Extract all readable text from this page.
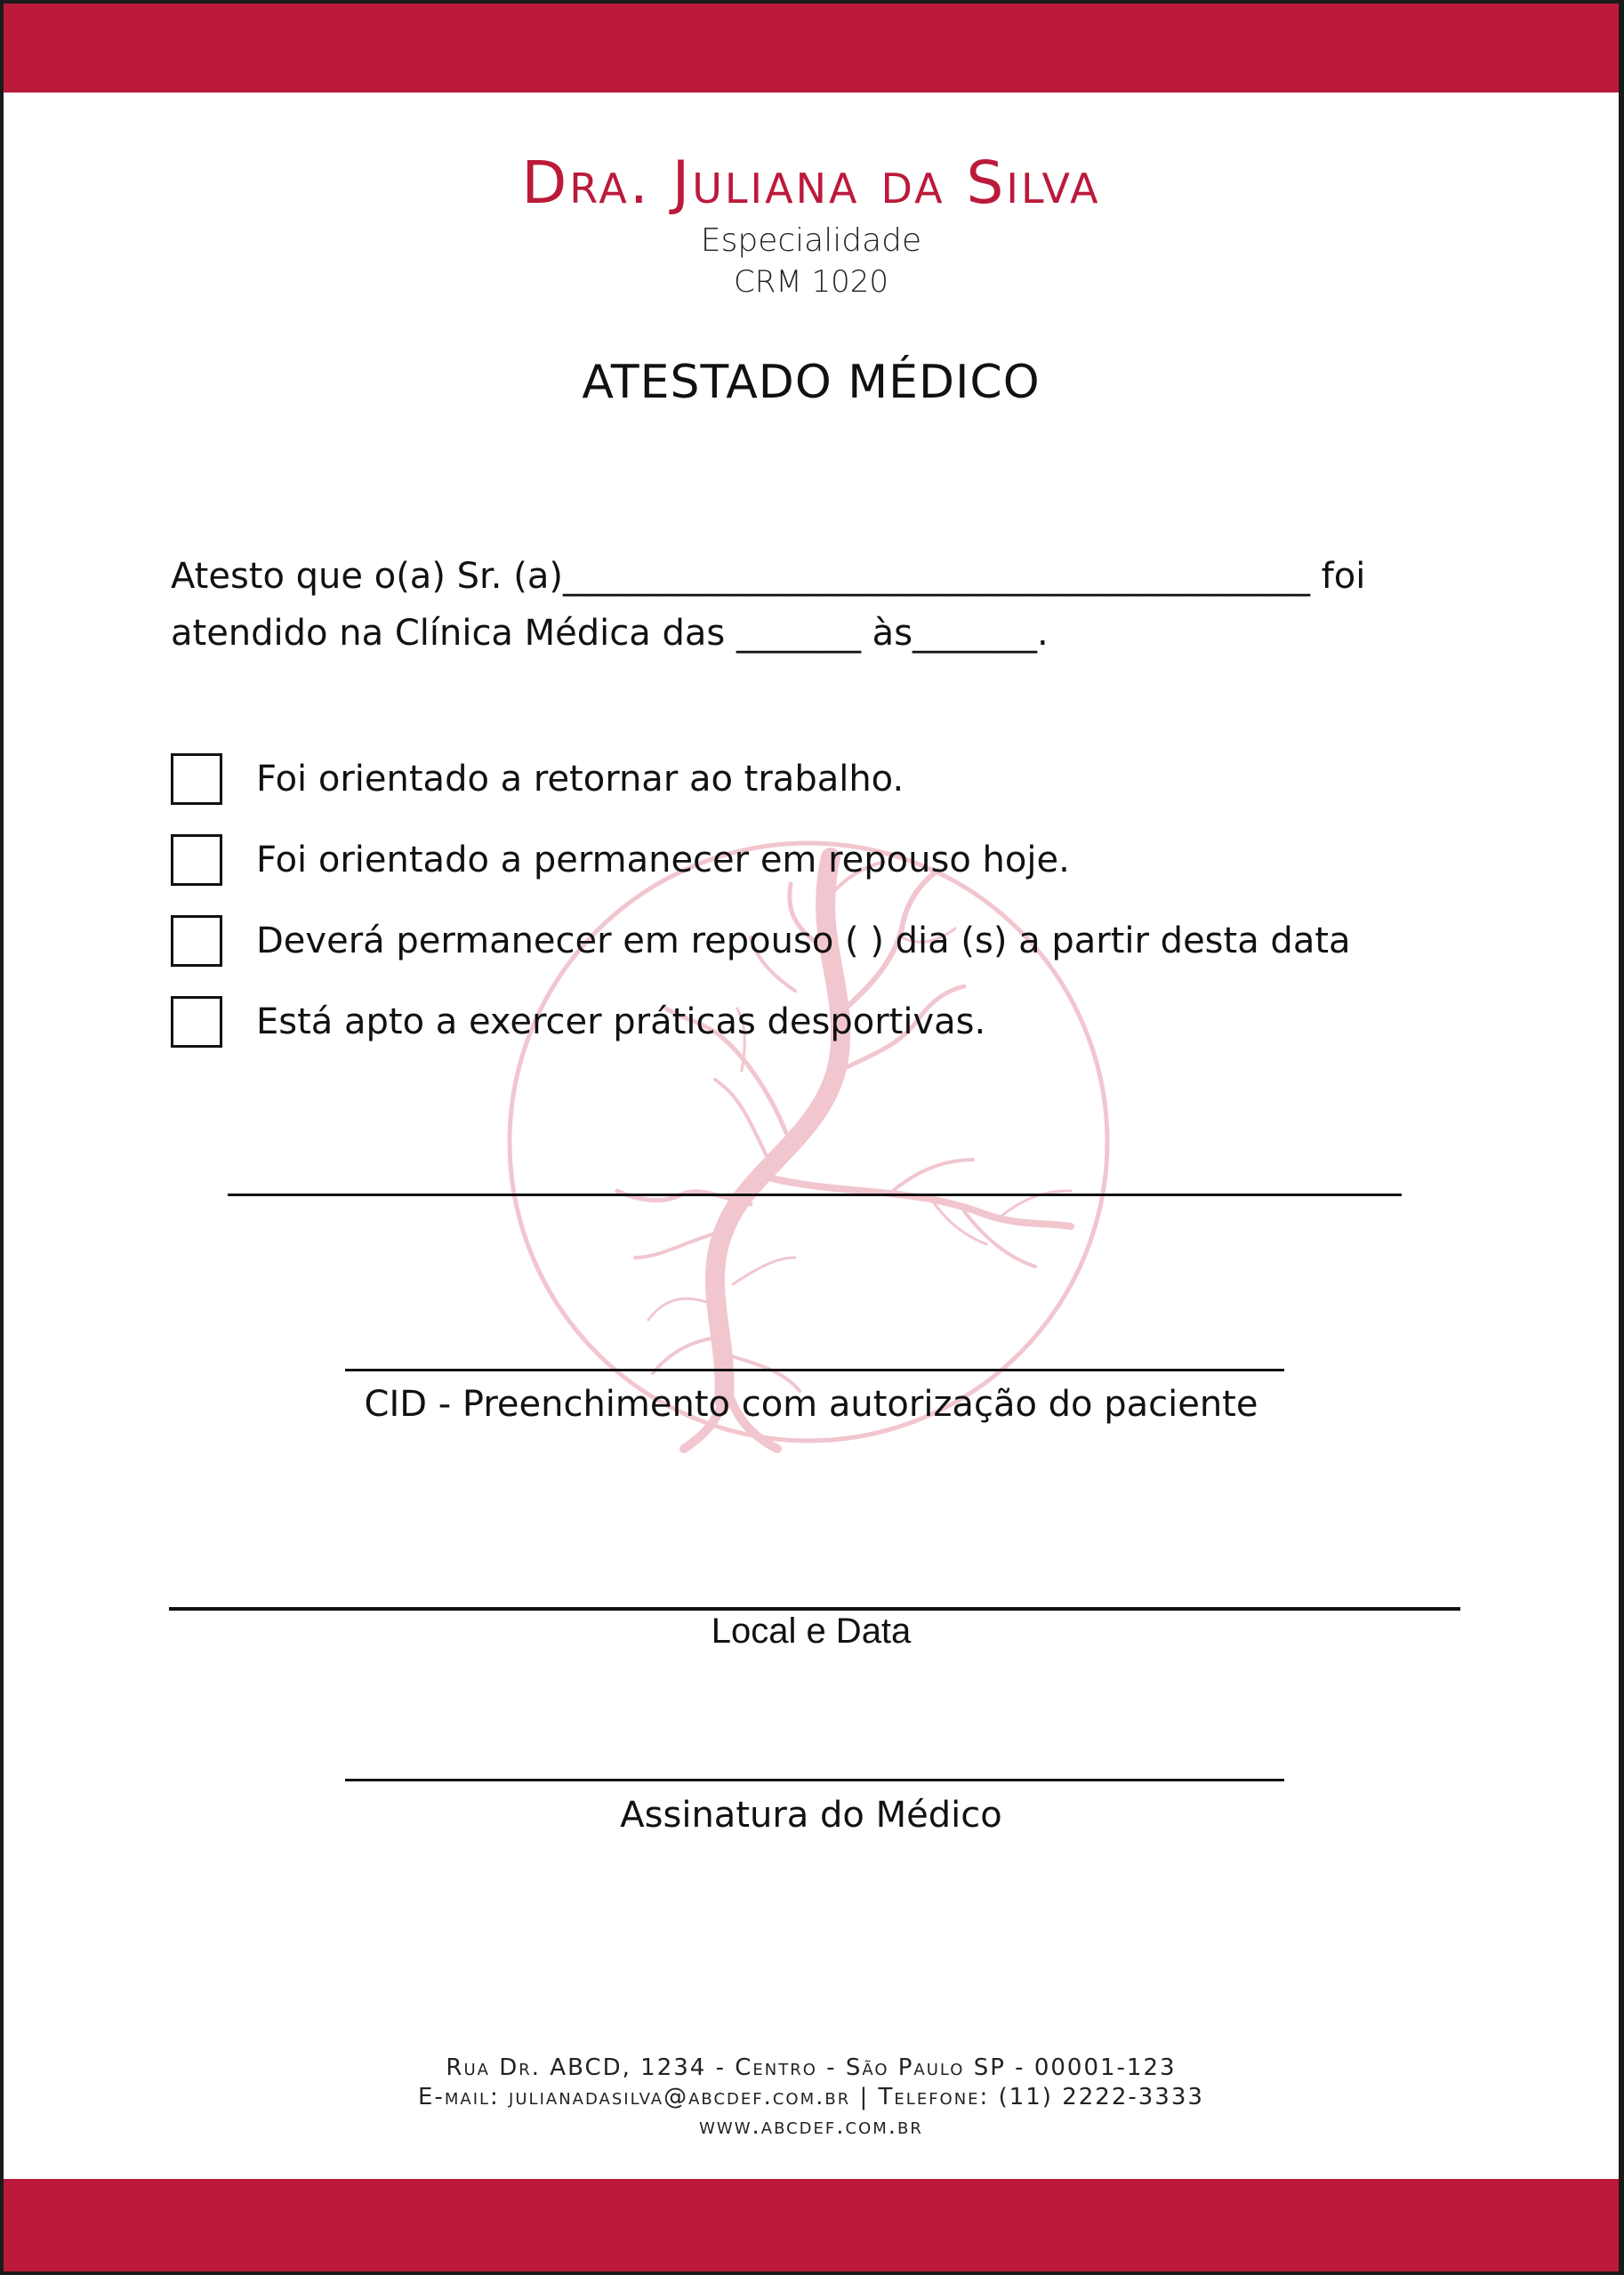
Dra. Juliana da Silva
Especialidade
CRM 1020
ATESTADO MÉDICO
Atesto que o(a) Sr. (a)__________________________________________ foi
atendido na Clínica Médica das _______ às_______.
Foi orientado a retornar ao trabalho.
Foi orientado a permanecer em repouso hoje.
Deverá permanecer em repouso ( ) dia (s) a partir desta data
Está apto a exercer práticas desportivas.
CID - Preenchimento com autorização do paciente
Local e Data
Assinatura do Médico
Rua Dr. ABCD, 1234 - Centro - São Paulo SP - 00001-123
E-mail: julianadasilva@abcdef.com.br | Telefone: (11) 2222-3333
www.abcdef.com.br
